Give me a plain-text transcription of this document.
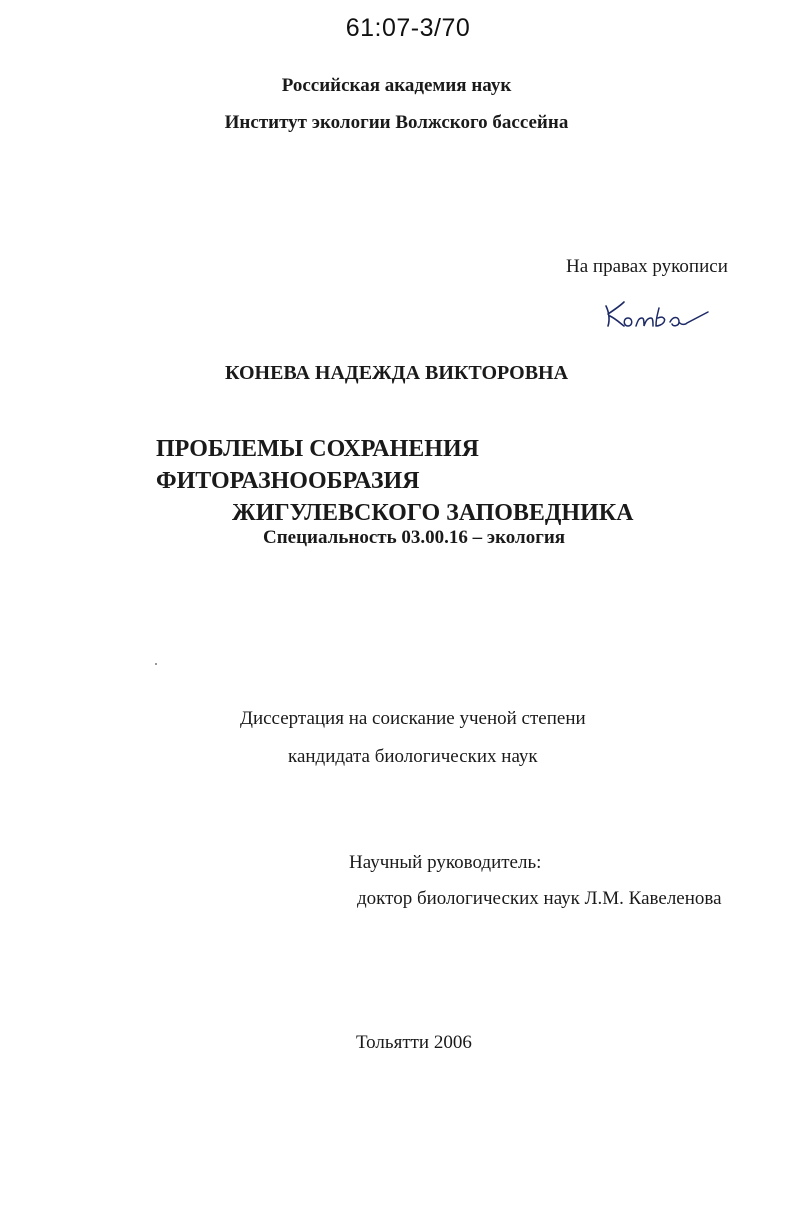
61:07-3/70
Российская академия наук
Институт экологии Волжского бассейна
На правах рукописи
КОНЕВА НАДЕЖДА ВИКТОРОВНА
ПРОБЛЕМЫ СОХРАНЕНИЯ ФИТОРАЗНООБРАЗИЯ
ЖИГУЛЕВСКОГО ЗАПОВЕДНИКА
Специальность 03.00.16 – экология
Диссертация на соискание ученой степени
кандидата биологических наук
Научный руководитель:
доктор биологических наук Л.М. Кавеленова
Тольятти 2006
